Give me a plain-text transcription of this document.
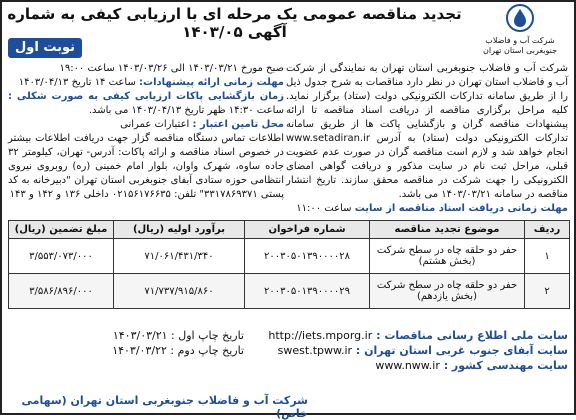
تجدید مناقصه عمومی یک مرحله ای با ارزیابی کیفی به شماره آگهی ۱۴۰۳/۰۵
نوبت اول	شرکت آب و فاضلاب جنوبغربی استان تهران
شرکت آب و فاضلاب جنوبغربی استان تهران به نمایندگی از شرکت آب و فاضلاب استان تهران در نظر دارد مناقصات به شرح جدول ذیل را از طریق سامانه تدارکات الکترونیکی دولت (ستاد) برگزار نماید. کلیه مراحل برگزاری مناقصه از دریافت اسناد مناقصه تا ارائه پیشنهادات مناقصه گران و بازگشایی پاکت ها از طریق سامانه تدارکات الکترونیکی دولت (ستاد) به آدرس www.setadiran.ir انجام خواهد شد و لازم است مناقصه گران در صورت عدم عضویت قبلی، مراحل ثبت نام در سایت مذکور و دریافت گواهی امضای الکترونیکی را جهت شرکت در مناقصه محقق سازند. تاریخ انتشار مناقصه در سامانه ۱۴۰۳/۰۳/۲۱ می باشد.
مهلت زمانی دریافت اسناد مناقصه از سایت ساعت ۱۱:۰۰
صبح مورخ ۱۴۰۳/۰۳/۲۱ الی ۱۴۰۳/۰۳/۲۶ ساعت ۱۹:۰۰
مهلت زمانی ارائه پیشنهادات: ساعت ۱۴ تاریخ ۱۴۰۳/۰۴/۱۳
زمان بازگشایی پاکات ارزیابی کیفی به صورت شکلی : ساعت ۱۴:۳۰ ظهر تاریخ ۱۴۰۳/۰۴/۱۳ می باشد.
محل تامین اعتبار : اعتبارات عمرانی
اطلاعات تماس دستگاه مناقصه گزار جهت دریافت اطلاعات بیشتر در خصوص اسناد مناقصه و ارائه پاکات: آدرس- تهران، کیلومتر ۳۲ جاده ساوه، شهرک واوان، بلوار امام خمینی (ره) روبروی نیروی انتظامی حوزه ستادی آبفای جنوبغربی استان تهران "دبیرخانه به کد پستی ۳۳۱۷۸۶۹۳۷۱" تلفن: ۰۲۱۵۶۱۷۶۶۳۵ داخلی ۱۳۶ و ۱۴۲ و ۱۴۳
ردیف	موضوع تجدید مناقصه	شماره فراخوان	برآورد اولیه (ریال)	مبلغ تضمین (ریال)
۱	حفر دو حلقه چاه در سطح شرکت (بخش هشتم)	۲۰۰۳۰۵۰۱۳۹۰۰۰۰۲۸	۷۱/۰۶۱/۴۳۱/۳۴۰	۳/۵۵۳/۰۷۳/۰۰۰
۲	حفر دو حلقه چاه در سطح شرکت (بخش یازدهم)	۲۰۰۳۰۵۰۱۳۹۰۰۰۰۲۹	۷۱/۷۳۷/۹۱۵/۸۶۰	۳/۵۸۶/۸۹۶/۰۰۰
سایت ملی اطلاع رسانی مناقصات : http://iets.mporg.ir
سایت آبفای جنوب غربی استان تهران : swest.tpww.ir
سایت مهندسی کشور : www.nww.ir
تاریخ چاپ اول : ۱۴۰۳/۰۳/۲۱
تاریخ چاپ دوم : ۱۴۰۳/۰۳/۲۲
شرکت آب و فاضلاب جنوبغربی استان تهران (سهامی خاص)
